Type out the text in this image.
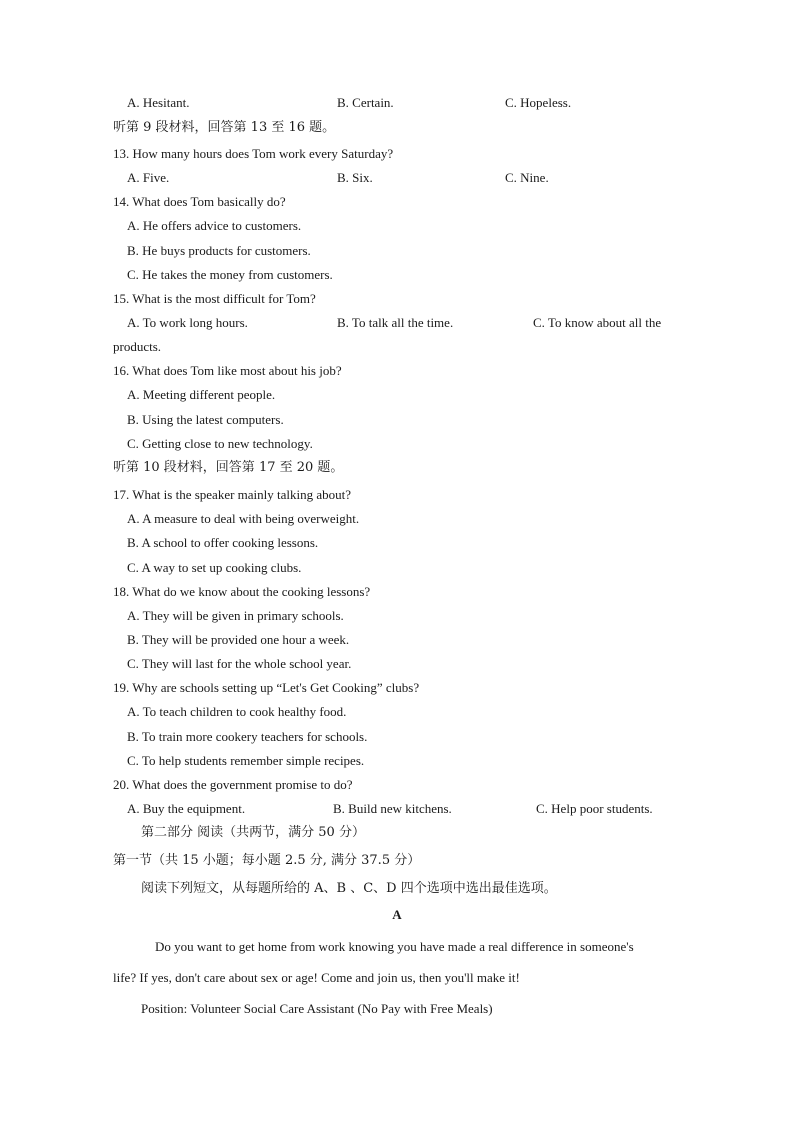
A. Hesitant.	B. Certain.	C. Hopeless.
听第 9 段材料，回答第 13 至 16 题。
13. How many hours does Tom work every Saturday?
A. Five.	B. Six.	C. Nine.
14. What does Tom basically do?
A. He offers advice to customers.
B. He buys products for customers.
C. He takes the money from customers.
15. What is the most difficult for Tom?
A. To work long hours.	B. To talk all the time.	C. To know about all the
products.
16. What does Tom like most about his job?
A. Meeting different people.
B. Using the latest computers.
C. Getting close to new technology.
听第 10 段材料，回答第 17 至 20 题。
17. What is the speaker mainly talking about?
A. A measure to deal with being overweight.
B. A school to offer cooking lessons.
C. A way to set up cooking clubs.
18. What do we know about the cooking lessons?
A. They will be given in primary schools.
B. They will be provided one hour a week.
C. They will last for the whole school year.
19. Why are schools setting up “Let's Get Cooking” clubs?
A. To teach children to cook healthy food.
B. To train more cookery teachers for schools.
C. To help students remember simple recipes.
20. What does the government promise to do?
A. Buy the equipment.	B. Build new kitchens.	C. Help poor students.
第二部分 阅读（共两节，满分 50 分）
第一节（共 15 小题；每小题 2.5 分, 满分 37.5 分）
阅读下列短文，从每题所给的 A、B 、C、D 四个选项中选出最佳选项。
A
Do you want to get home from work knowing you have made a real difference in someone's
life? If yes, don't care about sex or age! Come and join us, then you'll make it!
Position: Volunteer Social Care Assistant (No Pay with Free Meals)
